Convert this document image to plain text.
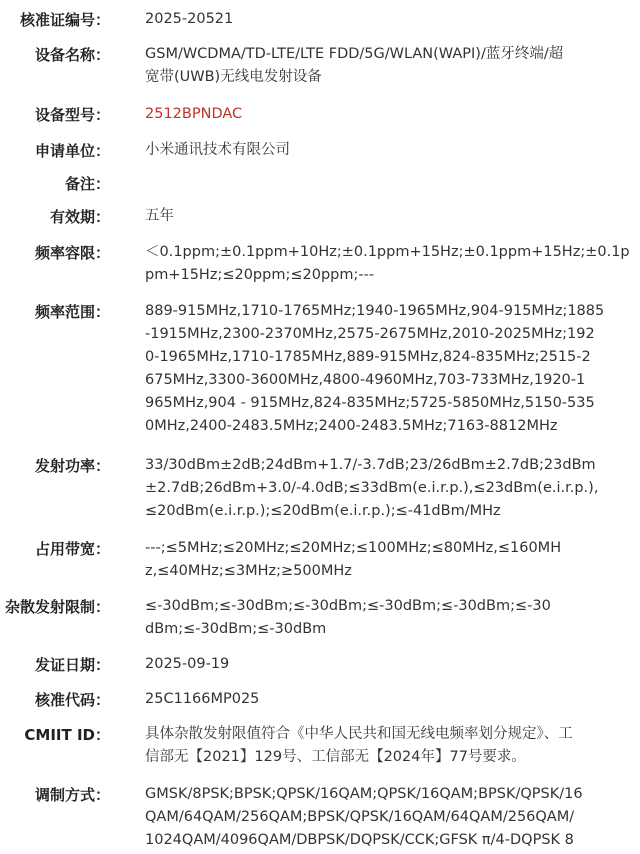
核准证编号： 2025-20521
设备名称： GSM/WCDMA/TD-LTE/LTE FDD/5G/WLAN(WAPI)/蓝牙终端/超
宽带(UWB)无线电发射设备
设备型号： 2512BPNDAC
申请单位： 小米通讯技术有限公司
备注：
有效期： 五年
频率容限： ＜0.1ppm;±0.1ppm+10Hz;±0.1ppm+15Hz;±0.1ppm+15Hz;±0.1p
pm+15Hz;≤20ppm;≤20ppm;---
频率范围： 889-915MHz,1710-1765MHz;1940-1965MHz,904-915MHz;1885
-1915MHz,2300-2370MHz,2575-2675MHz,2010-2025MHz;192
0-1965MHz,1710-1785MHz,889-915MHz,824-835MHz;2515-2
675MHz,3300-3600MHz,4800-4960MHz,703-733MHz,1920-1
965MHz,904 - 915MHz,824-835MHz;5725-5850MHz,5150-535
0MHz,2400-2483.5MHz;2400-2483.5MHz;7163-8812MHz
发射功率： 33/30dBm±2dB;24dBm+1.7/-3.7dB;23/26dBm±2.7dB;23dBm
±2.7dB;26dBm+3.0/-4.0dB;≤33dBm(e.i.r.p.),≤23dBm(e.i.r.p.),
≤20dBm(e.i.r.p.);≤20dBm(e.i.r.p.);≤-41dBm/MHz
占用带宽： ---;≤5MHz;≤20MHz;≤20MHz;≤100MHz;≤80MHz,≤160MH
z,≤40MHz;≤3MHz;≥500MHz
杂散发射限制： ≤-30dBm;≤-30dBm;≤-30dBm;≤-30dBm;≤-30dBm;≤-30
dBm;≤-30dBm;≤-30dBm
发证日期： 2025-09-19
核准代码： 25C1166MP025
CMIIT ID： 具体杂散发射限值符合《中华人民共和国无线电频率划分规定》、工
信部无【2021】129号、工信部无【2024年】77号要求。
调制方式： GMSK/8PSK;BPSK;QPSK/16QAM;QPSK/16QAM;BPSK/QPSK/16
QAM/64QAM/256QAM;BPSK/QPSK/16QAM/64QAM/256QAM/
1024QAM/4096QAM/DBPSK/DQPSK/CCK;GFSK π/4-DQPSK 8
